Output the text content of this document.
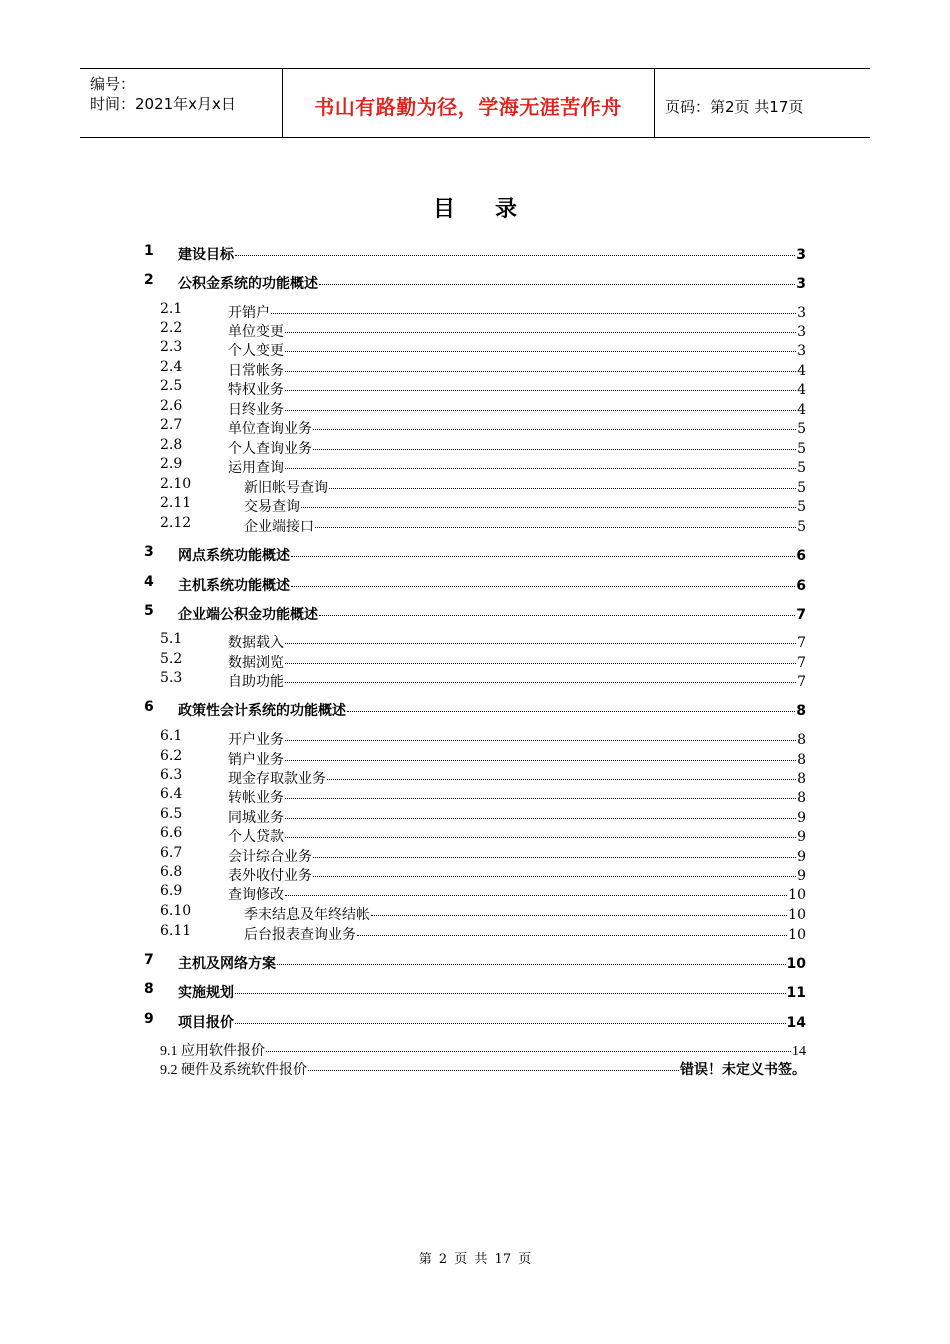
编号：
时间：2021年x月x日	书山有路勤为径，学海无涯苦作舟	页码：第2页 共17页
目录
1 建设目标	3
2 公积金系统的功能概述	3
2.1	开销户	3
2.2	单位变更	3
2.3	个人变更	3
2.4	日常帐务	4
2.5	特权业务	4
2.6	日终业务	4
2.7	单位查询业务	5
2.8	个人查询业务	5
2.9	运用查询	5
2.10	新旧帐号查询	5
2.11	交易查询	5
2.12	企业端接口	5
3 网点系统功能概述	6
4 主机系统功能概述	6
5 企业端公积金功能概述	7
5.1	数据载入	7
5.2	数据浏览	7
5.3	自助功能	7
6 政策性会计系统的功能概述	8
6.1	开户业务	8
6.2	销户业务	8
6.3	现金存取款业务	8
6.4	转帐业务	8
6.5	同城业务	9
6.6	个人贷款	9
6.7	会计综合业务	9
6.8	表外收付业务	9
6.9	查询修改	10
6.10	季末结息及年终结帐	10
6.11	后台报表查询业务	10
7 主机及网络方案	10
8 实施规划	11
9 项目报价	14
9.1 应用软件报价	14
9.2 硬件及系统软件报价	错误！未定义书签。
第 2 页 共 17 页
